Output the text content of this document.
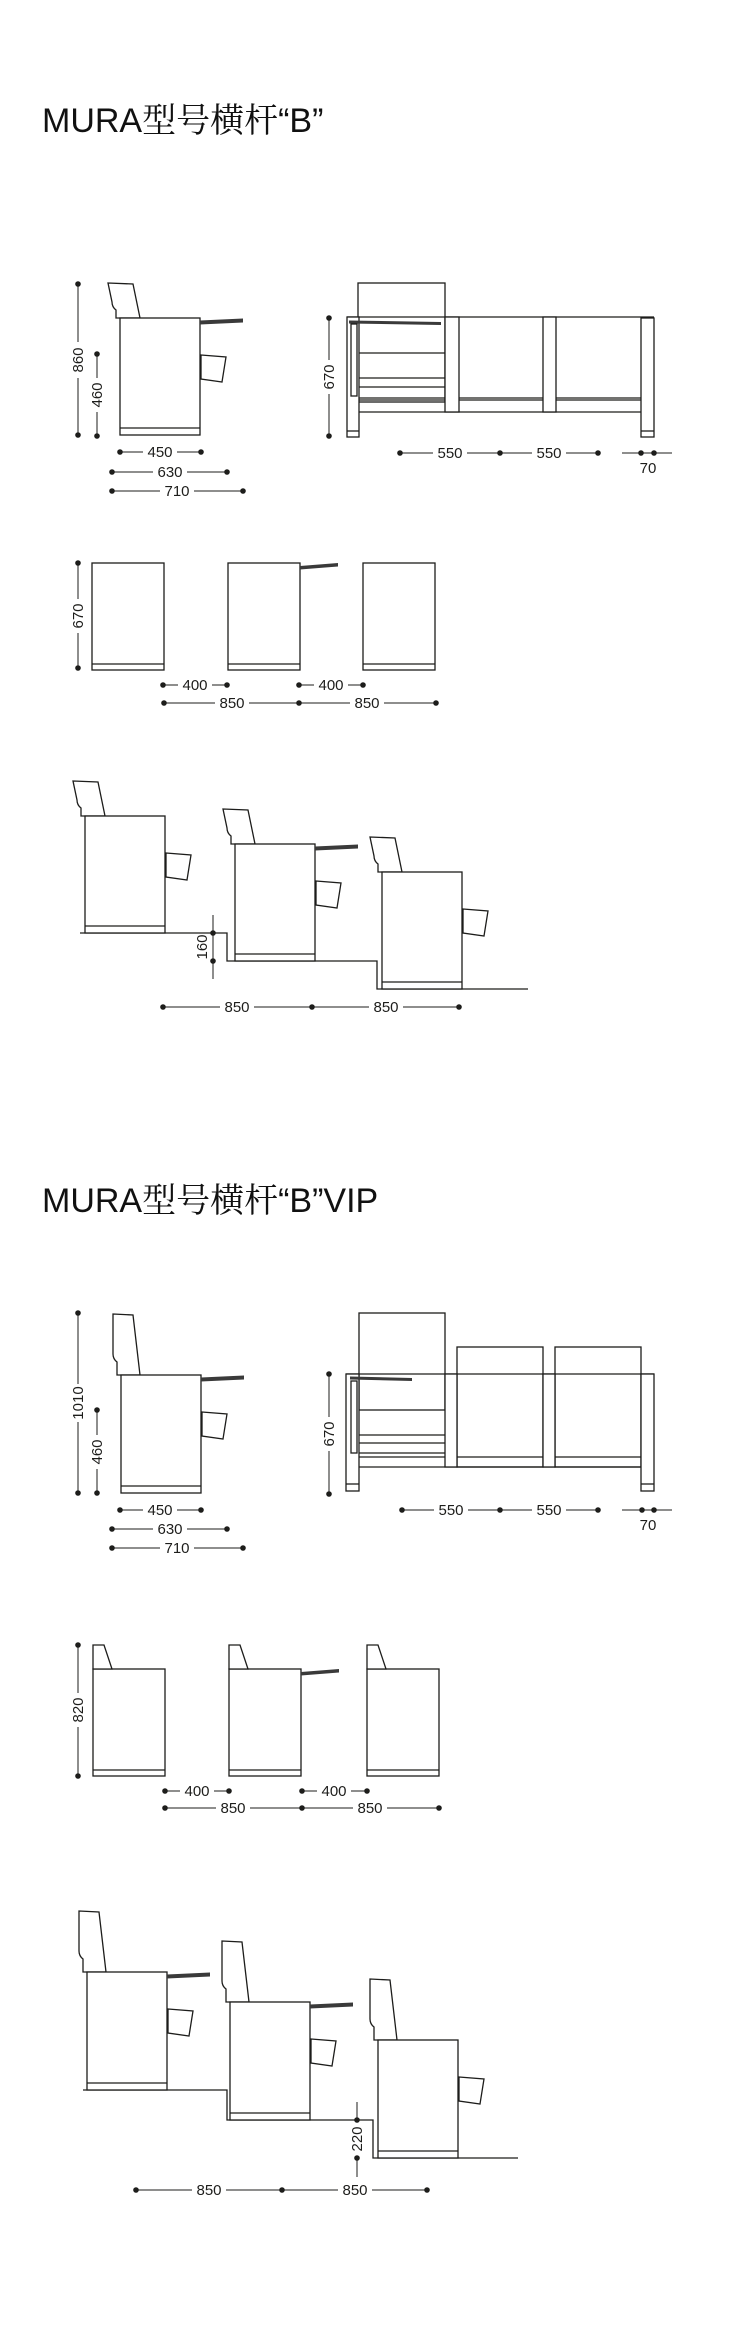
MURA型号横杆“B”
860
460
450
630
710
670
550	550
70
670
400	400
850	850
160
850	850
MURA型号横杆“B”VIP
1010
460
450
630
710
670
550	550
70
820
400	400
850	850
220
850	850
